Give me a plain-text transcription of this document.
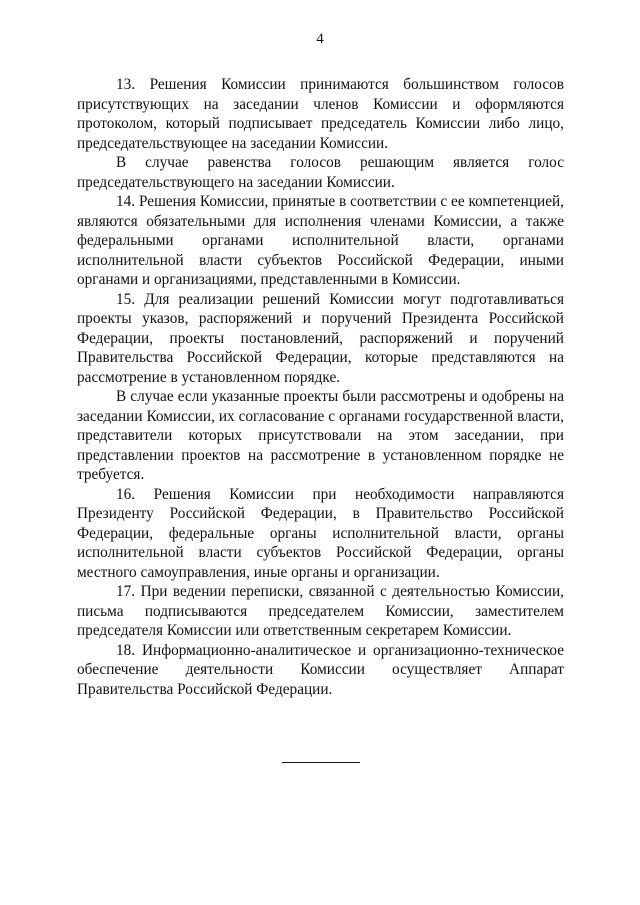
4

13. Решения Комиссии принимаются большинством голосов присутствующих на заседании членов Комиссии и оформляются протоколом, который подписывает председатель Комиссии либо лицо, председательствующее на заседании Комиссии.

В случае равенства голосов решающим является голос председательствующего на заседании Комиссии.

14. Решения Комиссии, принятые в соответствии с ее компетенцией, являются обязательными для исполнения членами Комиссии, а также федеральными органами исполнительной власти, органами исполнительной власти субъектов Российской Федерации, иными органами и организациями, представленными в Комиссии.

15. Для реализации решений Комиссии могут подготавливаться проекты указов, распоряжений и поручений Президента Российской Федерации, проекты постановлений, распоряжений и поручений Правительства Российской Федерации, которые представляются на рассмотрение в установленном порядке.

В случае если указанные проекты были рассмотрены и одобрены на заседании Комиссии, их согласование с органами государственной власти, представители которых присутствовали на этом заседании, при представлении проектов на рассмотрение в установленном порядке не требуется.

16. Решения Комиссии при необходимости направляются Президенту Российской Федерации, в Правительство Российской Федерации, федеральные органы исполнительной власти, органы исполнительной власти субъектов Российской Федерации, органы местного самоуправления, иные органы и организации.

17. При ведении переписки, связанной с деятельностью Комиссии, письма подписываются председателем Комиссии, заместителем председателя Комиссии или ответственным секретарем Комиссии.

18. Информационно-аналитическое и организационно-техническое обеспечение деятельности Комиссии осуществляет Аппарат Правительства Российской Федерации.
